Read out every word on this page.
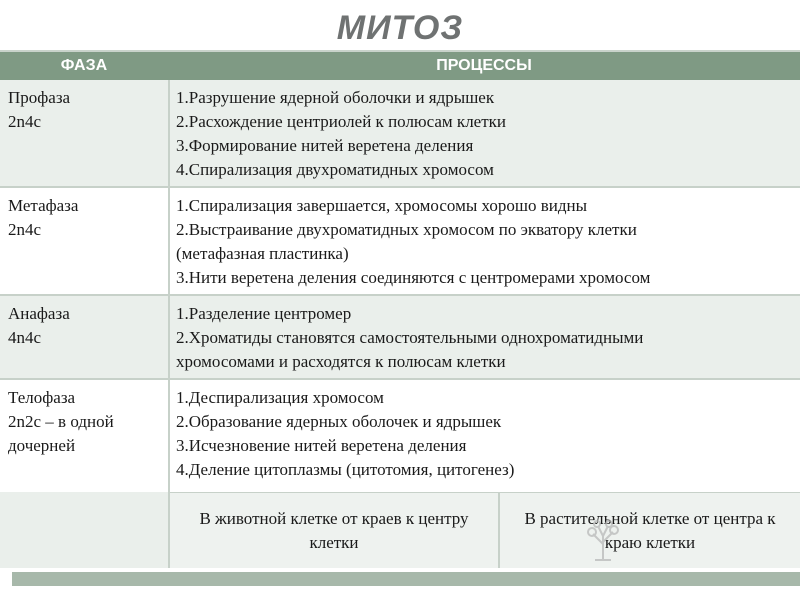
МИТОЗ
ФАЗА	ПРОЦЕССЫ
Профаза
2n4c
1.Разрушение ядерной оболочки и ядрышек
2.Расхождение центриолей к полюсам клетки
3.Формирование нитей веретена деления
4.Спирализация двухроматидных хромосом
Метафаза
2n4c
1.Спирализация завершается, хромосомы хорошо видны
2.Выстраивание двухроматидных хромосом по экватору клетки
(метафазная пластинка)
3.Нити веретена деления соединяются с центромерами хромосом
Анафаза
4n4c
1.Разделение центромер
2.Хроматиды становятся самостоятельными однохроматидными
хромосомами и расходятся к полюсам клетки
Телофаза
2n2c – в одной дочерней
1.Деспирализация хромосом
2.Образование ядерных оболочек и ядрышек
3.Исчезновение нитей веретена деления
4.Деление цитоплазмы (цитотомия, цитогенез)
В животной клетке от краев к центру клетки
В растительной клетке от центра к краю клетки
